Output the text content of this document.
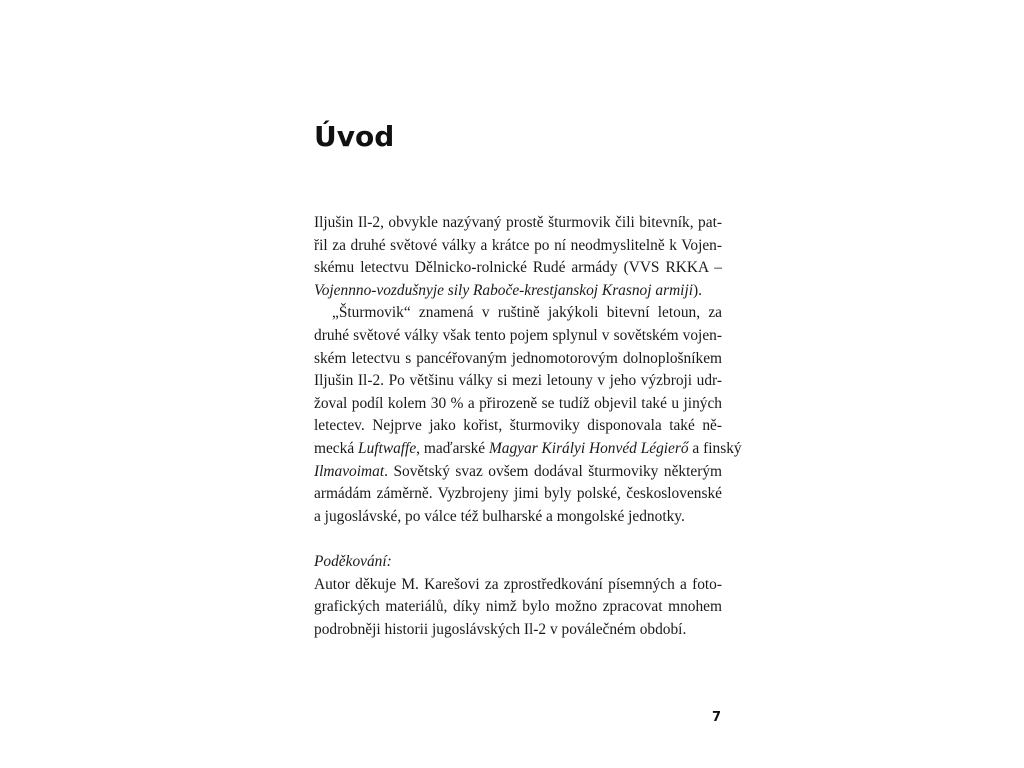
Úvod
Iljušin Il-2, obvykle nazývaný prostě šturmovik čili bitevník, pat-
řil za druhé světové války a krátce po ní neodmyslitelně k Vojen-
skému letectvu Dělnicko-rolnické Rudé armády (VVS RKKA –
Vojennno-vozdušnyje sily Raboče-krestjanskoj Krasnoj armiji).
„Šturmovik“ znamená v ruštině jakýkoli bitevní letoun, za
druhé světové války však tento pojem splynul v sovětském vojen-
ském letectvu s pancéřovaným jednomotorovým dolnoplošníkem
Iljušin Il-2. Po většinu války si mezi letouny v jeho výzbroji udr-
žoval podíl kolem 30 % a přirozeně se tudíž objevil také u jiných
letectev. Nejprve jako kořist, šturmoviky disponovala také ně-
mecká Luftwaffe, maďarské Magyar Királyi Honvéd Légierő a finský
Ilmavoimat. Sovětský svaz ovšem dodával šturmoviky některým
armádám záměrně. Vyzbrojeny jimi byly polské, československé
a jugoslávské, po válce též bulharské a mongolské jednotky.
Poděkování:
Autor děkuje M. Karešovi za zprostředkování písemných a foto-
grafických materiálů, díky nimž bylo možno zpracovat mnohem
podrobněji historii jugoslávských Il-2 v poválečném období.
7
